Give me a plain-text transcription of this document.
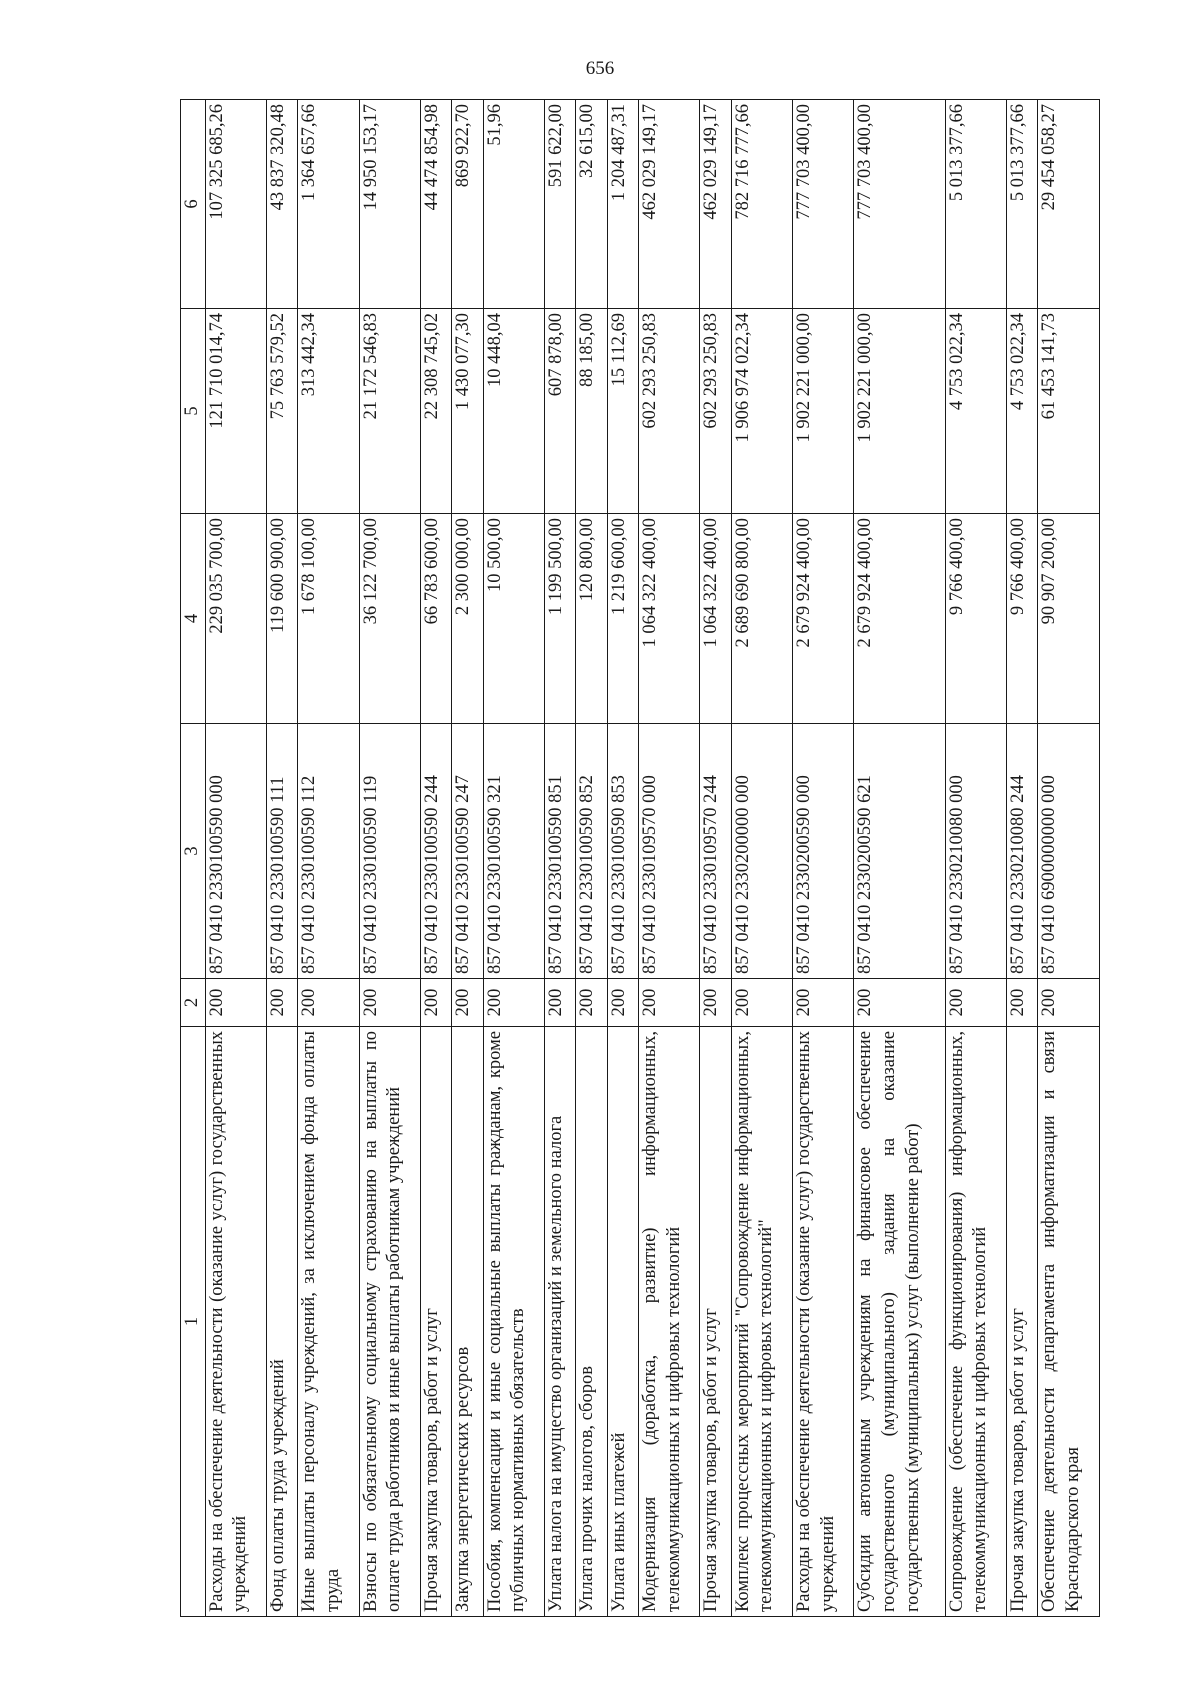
656
1	2	3	4	5	6
Расходы на обеспечение деятельности (оказание услуг) государственных учреждений	200	857 0410 2330100590 000	229 035 700,00	121 710 014,74	107 325 685,26
Фонд оплаты труда учреждений	200	857 0410 2330100590 111	119 600 900,00	75 763 579,52	43 837 320,48
Иные выплаты персоналу учреждений, за исключением фонда оплаты труда	200	857 0410 2330100590 112	1 678 100,00	313 442,34	1 364 657,66
Взносы по обязательному социальному страхованию на выплаты по оплате труда работников и иные выплаты работникам учреждений	200	857 0410 2330100590 119	36 122 700,00	21 172 546,83	14 950 153,17
Прочая закупка товаров, работ и услуг	200	857 0410 2330100590 244	66 783 600,00	22 308 745,02	44 474 854,98
Закупка энергетических ресурсов	200	857 0410 2330100590 247	2 300 000,00	1 430 077,30	869 922,70
Пособия, компенсации и иные социальные выплаты гражданам, кроме публичных нормативных обязательств	200	857 0410 2330100590 321	10 500,00	10 448,04	51,96
Уплата налога на имущество организаций и земельного налога	200	857 0410 2330100590 851	1 199 500,00	607 878,00	591 622,00
Уплата прочих налогов, сборов	200	857 0410 2330100590 852	120 800,00	88 185,00	32 615,00
Уплата иных платежей	200	857 0410 2330100590 853	1 219 600,00	15 112,69	1 204 487,31
Модернизация (доработка, развитие) информационных, телекоммуникационных и цифровых технологий	200	857 0410 2330109570 000	1 064 322 400,00	602 293 250,83	462 029 149,17
Прочая закупка товаров, работ и услуг	200	857 0410 2330109570 244	1 064 322 400,00	602 293 250,83	462 029 149,17
Комплекс процессных мероприятий "Сопровождение информационных, телекоммуникационных и цифровых технологий"	200	857 0410 2330200000 000	2 689 690 800,00	1 906 974 022,34	782 716 777,66
Расходы на обеспечение деятельности (оказание услуг) государственных учреждений	200	857 0410 2330200590 000	2 679 924 400,00	1 902 221 000,00	777 703 400,00
Субсидии автономным учреждениям на финансовое обеспечение государственного (муниципального) задания на оказание государственных (муниципальных) услуг (выполнение работ)	200	857 0410 2330200590 621	2 679 924 400,00	1 902 221 000,00	777 703 400,00
Сопровождение (обеспечение функционирования) информационных, телекоммуникационных и цифровых технологий	200	857 0410 2330210080 000	9 766 400,00	4 753 022,34	5 013 377,66
Прочая закупка товаров, работ и услуг	200	857 0410 2330210080 244	9 766 400,00	4 753 022,34	5 013 377,66
Обеспечение деятельности департамента информатизации и связи Краснодарского края	200	857 0410 6900000000 000	90 907 200,00	61 453 141,73	29 454 058,27
